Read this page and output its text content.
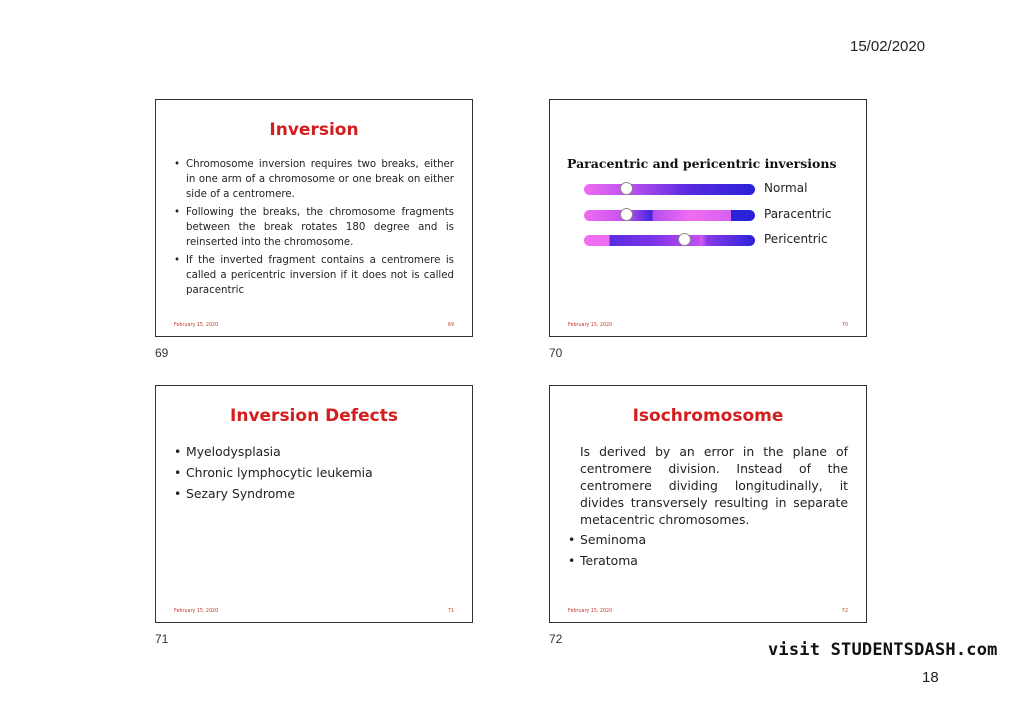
15/02/2020
Inversion
• Chromosome inversion requires two breaks, either in one arm of a chromosome or one break on either side of a centromere.
• Following the breaks, the chromosome fragments between the break rotates 180 degree and is reinserted into the chromosome.
• If the inverted fragment contains a centromere is called a pericentric inversion if it does not is called paracentric
February 15, 2020	69
69
Paracentric and pericentric inversions
Normal
Paracentric
Pericentric
February 15, 2020	70
70
Inversion Defects
• Myelodysplasia
• Chronic lymphocytic leukemia
• Sezary Syndrome
February 15, 2020	71
71
Isochromosome
Is derived by an error in the plane of centromere division. Instead of the centromere dividing longitudinally, it divides transversely resulting in separate metacentric chromosomes.
• Seminoma
• Teratoma
February 15, 2020	72
72
visit STUDENTSDASH.com
18
